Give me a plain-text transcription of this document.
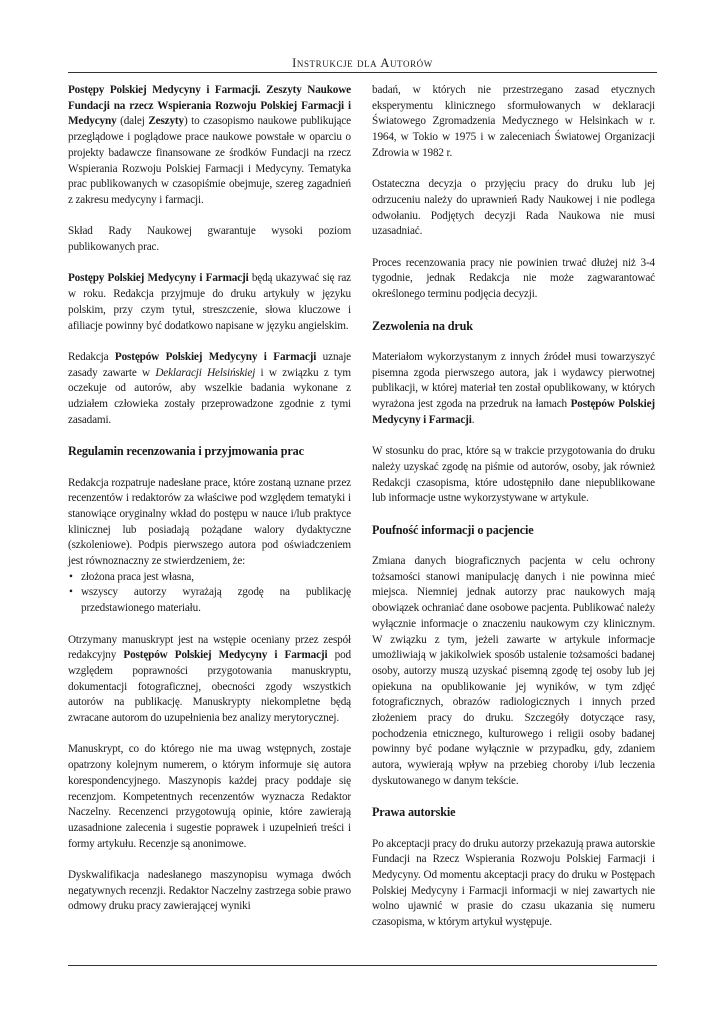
Instrukcje dla Autorów

Postępy Polskiej Medycyny i Farmacji. Zeszyty Naukowe Fundacji na rzecz Wspierania Rozwoju Polskiej Farmacji i Medycyny (dalej Zeszyty) to czasopismo naukowe publikujące przeglądowe i poglądowe prace naukowe powstałe w oparciu o projekty badawcze finansowane ze środków Fundacji na rzecz Wspierania Rozwoju Polskiej Farmacji i Medycyny. Tematyka prac publikowanych w czasopiśmie obejmuje, szereg zagadnień z zakresu medycyny i farmacji.

Skład Rady Naukowej gwarantuje wysoki poziom publikowanych prac.

Postępy Polskiej Medycyny i Farmacji będą ukazywać się raz w roku. Redakcja przyjmuje do druku artykuły w języku polskim, przy czym tytuł, streszczenie, słowa kluczowe i afiliacje powinny być dodatkowo napisane w języku angielskim.

Redakcja Postępów Polskiej Medycyny i Farmacji uznaje zasady zawarte w Deklaracji Helsińskiej i w związku z tym oczekuje od autorów, aby wszelkie badania wykonane z udziałem człowieka zostały przeprowadzone zgodnie z tymi zasadami.

Regulamin recenzowania i przyjmowania prac

Redakcja rozpatruje nadesłane prace, które zostaną uznane przez recenzentów i redaktorów za właściwe pod względem tematyki i stanowiące oryginalny wkład do postępu w nauce i/lub praktyce klinicznej lub posiadają pożądane walory dydaktyczne (szkoleniowe). Podpis pierwszego autora pod oświadczeniem jest równoznaczny ze stwierdzeniem, że:

• złożona praca jest własna,
• wszyscy autorzy wyrażają zgodę na publikację przedstawionego materiału.

Otrzymany manuskrypt jest na wstępie oceniany przez zespół redakcyjny Postępów Polskiej Medycyny i Farmacji pod względem poprawności przygotowania manuskryptu, dokumentacji fotograficznej, obecności zgody wszystkich autorów na publikację. Manuskrypty niekompletne będą zwracane autorom do uzupełnienia bez analizy merytorycznej.

Manuskrypt, co do którego nie ma uwag wstępnych, zostaje opatrzony kolejnym numerem, o którym informuje się autora korespondencyjnego. Maszynopis każdej pracy poddaje się recenzjom. Kompetentnych recenzentów wyznacza Redaktor Naczelny. Recenzenci przygotowują opinie, które zawierają uzasadnione zalecenia i sugestie poprawek i uzupełnień treści i formy artykułu. Recenzje są anonimowe.

Dyskwalifikacja nadesłanego maszynopisu wymaga dwóch negatywnych recenzji. Redaktor Naczelny zastrzega sobie prawo odmowy druku pracy zawierającej wyniki

badań, w których nie przestrzegano zasad etycznych eksperymentu klinicznego sformułowanych w deklaracji Światowego Zgromadzenia Medycznego w Helsinkach w r. 1964, w Tokio w 1975 i w zaleceniach Światowej Organizacji Zdrowia w 1982 r.

Ostateczna decyzja o przyjęciu pracy do druku lub jej odrzuceniu należy do uprawnień Rady Naukowej i nie podlega odwołaniu. Podjętych decyzji Rada Naukowa nie musi uzasadniać.

Proces recenzowania pracy nie powinien trwać dłużej niż 3-4 tygodnie, jednak Redakcja nie może zagwarantować określonego terminu podjęcia decyzji.

Zezwolenia na druk

Materiałom wykorzystanym z innych źródeł musi towarzyszyć pisemna zgoda pierwszego autora, jak i wydawcy pierwotnej publikacji, w której materiał ten został opublikowany, w których wyrażona jest zgoda na przedruk na łamach Postępów Polskiej Medycyny i Farmacji.

W stosunku do prac, które są w trakcie przygotowania do druku należy uzyskać zgodę na piśmie od autorów, osoby, jak również Redakcji czasopisma, które udostępniło dane niepublikowane lub informacje ustne wykorzystywane w artykule.

Poufność informacji o pacjencie

Zmiana danych biograficznych pacjenta w celu ochrony tożsamości stanowi manipulację danych i nie powinna mieć miejsca. Niemniej jednak autorzy prac naukowych mają obowiązek ochraniać dane osobowe pacjenta. Publikować należy wyłącznie informacje o znaczeniu naukowym czy klinicznym. W związku z tym, jeżeli zawarte w artykule informacje umożliwiają w jakikolwiek sposób ustalenie tożsamości badanej osoby, autorzy muszą uzyskać pisemną zgodę tej osoby lub jej opiekuna na opublikowanie jej wyników, w tym zdjęć fotograficznych, obrazów radiologicznych i innych przed złożeniem pracy do druku. Szczegóły dotyczące rasy, pochodzenia etnicznego, kulturowego i religii osoby badanej powinny być podane wyłącznie w przypadku, gdy, zdaniem autora, wywierają wpływ na przebieg choroby i/lub leczenia dyskutowanego w danym tekście.

Prawa autorskie

Po akceptacji pracy do druku autorzy przekazują prawa autorskie Fundacji na Rzecz Wspierania Rozwoju Polskiej Farmacji i Medycyny. Od momentu akceptacji pracy do druku w Postępach Polskiej Medycyny i Farmacji informacji w niej zawartych nie wolno ujawnić w prasie do czasu ukazania się numeru czasopisma, w którym artykuł występuje.
